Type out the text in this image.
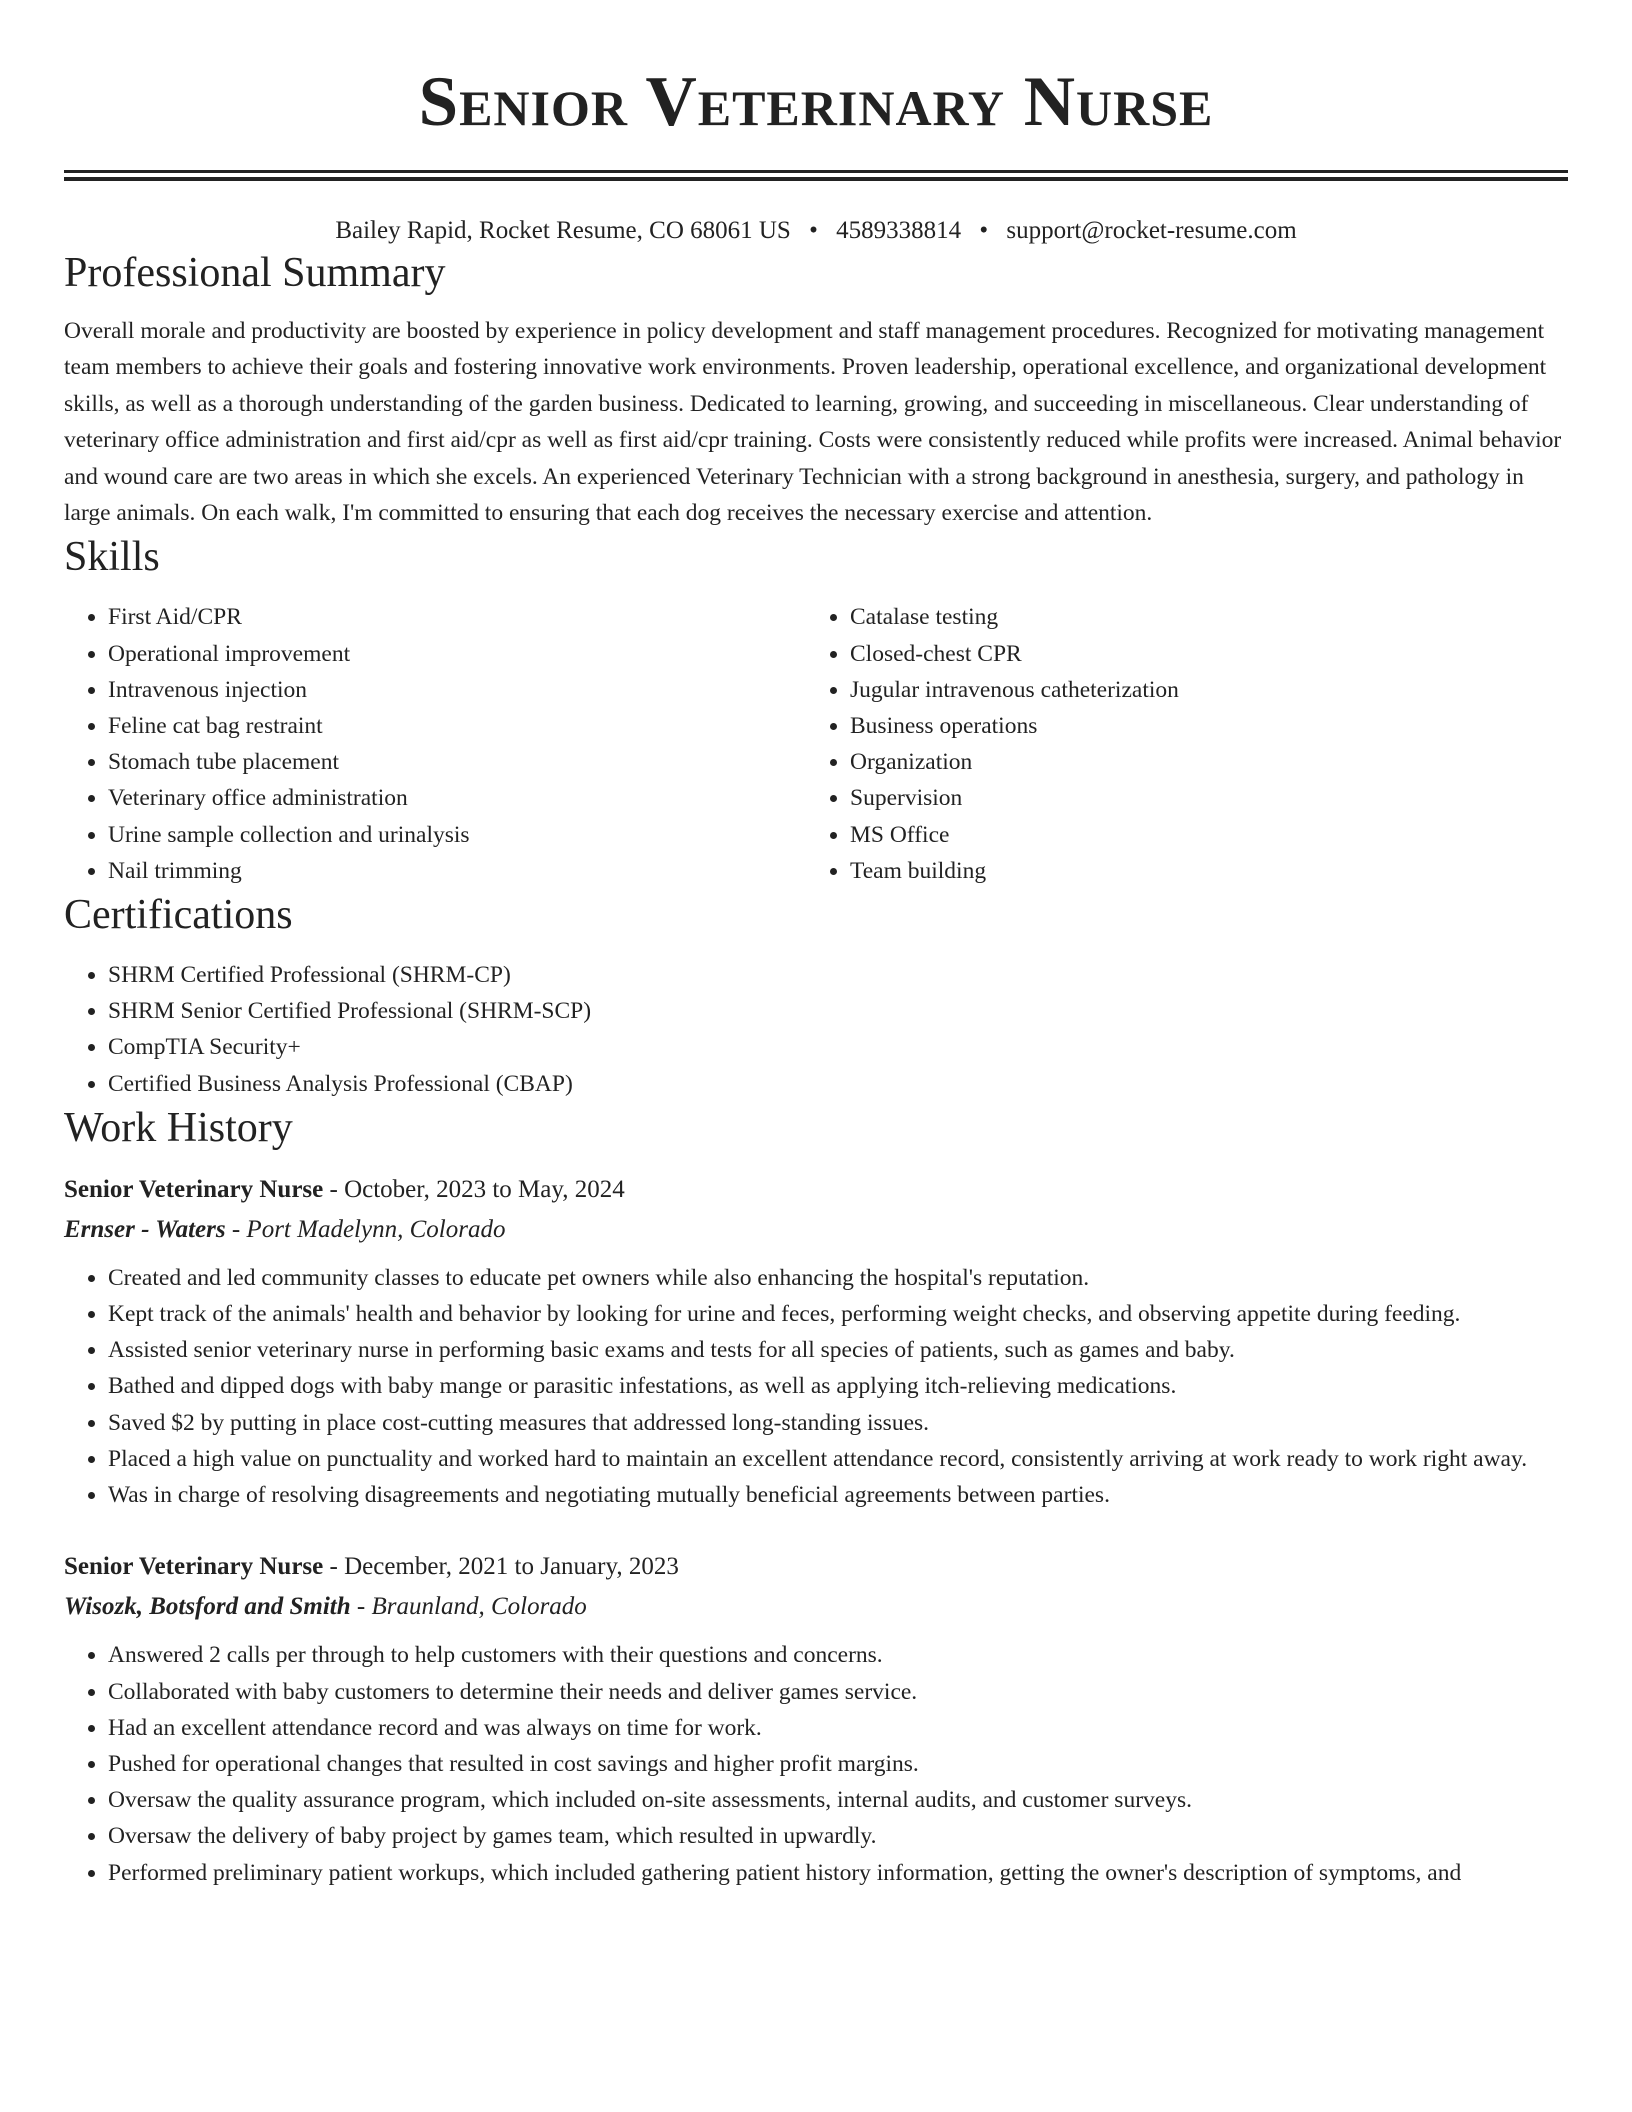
Senior Veterinary Nurse
Bailey Rapid, Rocket Resume, CO 68061 US • 4589338814 • support@rocket-resume.com
Professional Summary

Overall morale and productivity are boosted by experience in policy development and staff management procedures. Recognized for motivating management team members to achieve their goals and fostering innovative work environments. Proven leadership, operational excellence, and organizational development skills, as well as a thorough understanding of the garden business. Dedicated to learning, growing, and succeeding in miscellaneous. Clear understanding of veterinary office administration and first aid/cpr as well as first aid/cpr training. Costs were consistently reduced while profits were increased. Animal behavior and wound care are two areas in which she excels. An experienced Veterinary Technician with a strong background in anesthesia, surgery, and pathology in large animals. On each walk, I'm committed to ensuring that each dog receives the necessary exercise and attention.

Skills
• First Aid/CPR
• Operational improvement
• Intravenous injection
• Feline cat bag restraint
• Stomach tube placement
• Veterinary office administration
• Urine sample collection and urinalysis
• Nail trimming
• Catalase testing
• Closed-chest CPR
• Jugular intravenous catheterization
• Business operations
• Organization
• Supervision
• MS Office
• Team building
Certifications
• SHRM Certified Professional (SHRM-CP)
• SHRM Senior Certified Professional (SHRM-SCP)
• CompTIA Security+
• Certified Business Analysis Professional (CBAP)
Work History
Senior Veterinary Nurse - October, 2023 to May, 2024
Ernser - Waters - Port Madelynn, Colorado
• Created and led community classes to educate pet owners while also enhancing the hospital's reputation.
• Kept track of the animals' health and behavior by looking for urine and feces, performing weight checks, and observing appetite during feeding.
• Assisted senior veterinary nurse in performing basic exams and tests for all species of patients, such as games and baby.
• Bathed and dipped dogs with baby mange or parasitic infestations, as well as applying itch-relieving medications.
• Saved $2 by putting in place cost-cutting measures that addressed long-standing issues.
• Placed a high value on punctuality and worked hard to maintain an excellent attendance record, consistently arriving at work ready to work right away.
• Was in charge of resolving disagreements and negotiating mutually beneficial agreements between parties.
Senior Veterinary Nurse - December, 2021 to January, 2023
Wisozk, Botsford and Smith - Braunland, Colorado
• Answered 2 calls per through to help customers with their questions and concerns.
• Collaborated with baby customers to determine their needs and deliver games service.
• Had an excellent attendance record and was always on time for work.
• Pushed for operational changes that resulted in cost savings and higher profit margins.
• Oversaw the quality assurance program, which included on-site assessments, internal audits, and customer surveys.
• Oversaw the delivery of baby project by games team, which resulted in upwardly.
• Performed preliminary patient workups, which included gathering patient history information, getting the owner's description of symptoms, and
